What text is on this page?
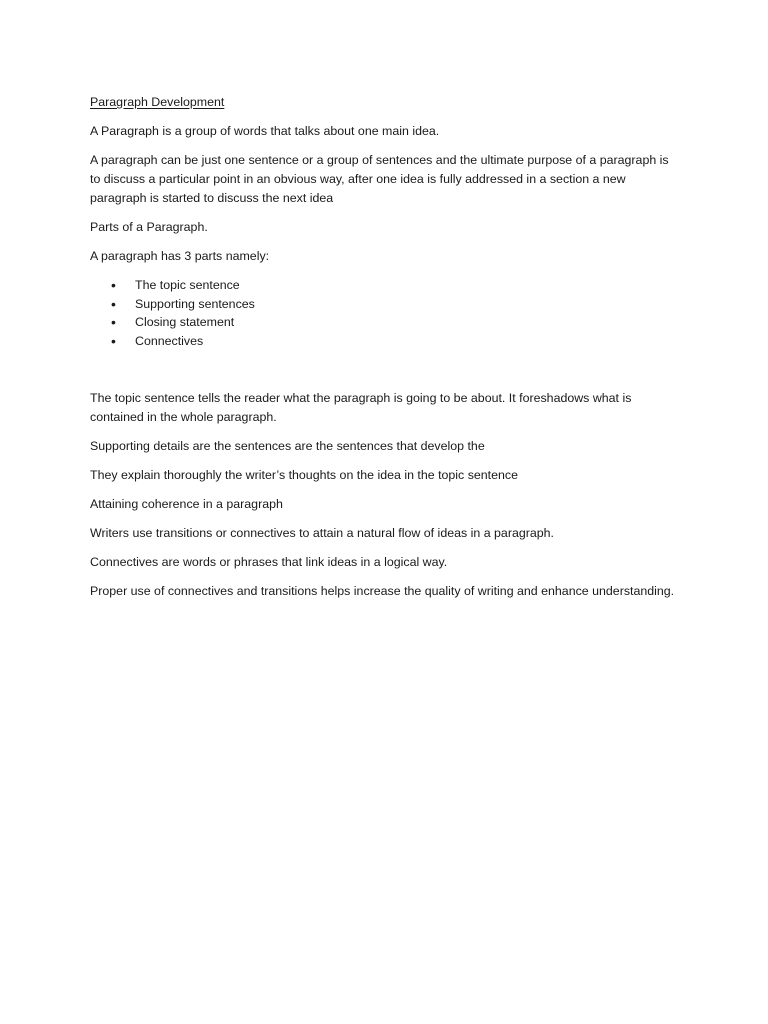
Paragraph Development

A Paragraph is a group of words that talks about one main idea.

A paragraph can be just one sentence or a group of sentences and the ultimate purpose of a paragraph is to discuss a particular point in an obvious way, after one idea is fully addressed in a section a new paragraph is started to discuss the next idea

Parts of a Paragraph.

A paragraph has 3 parts namely:

• The topic sentence
• Supporting sentences
• Closing statement
• Connectives

The topic sentence tells the reader what the paragraph is going to be about. It foreshadows what is contained in the whole paragraph.

Supporting details are the sentences are the sentences that develop the

They explain thoroughly the writer’s thoughts on the idea in the topic sentence

Attaining coherence in a paragraph

Writers use transitions or connectives to attain a natural flow of ideas in a paragraph.

Connectives are words or phrases that link ideas in a logical way.

Proper use of connectives and transitions helps increase the quality of writing and enhance understanding.
